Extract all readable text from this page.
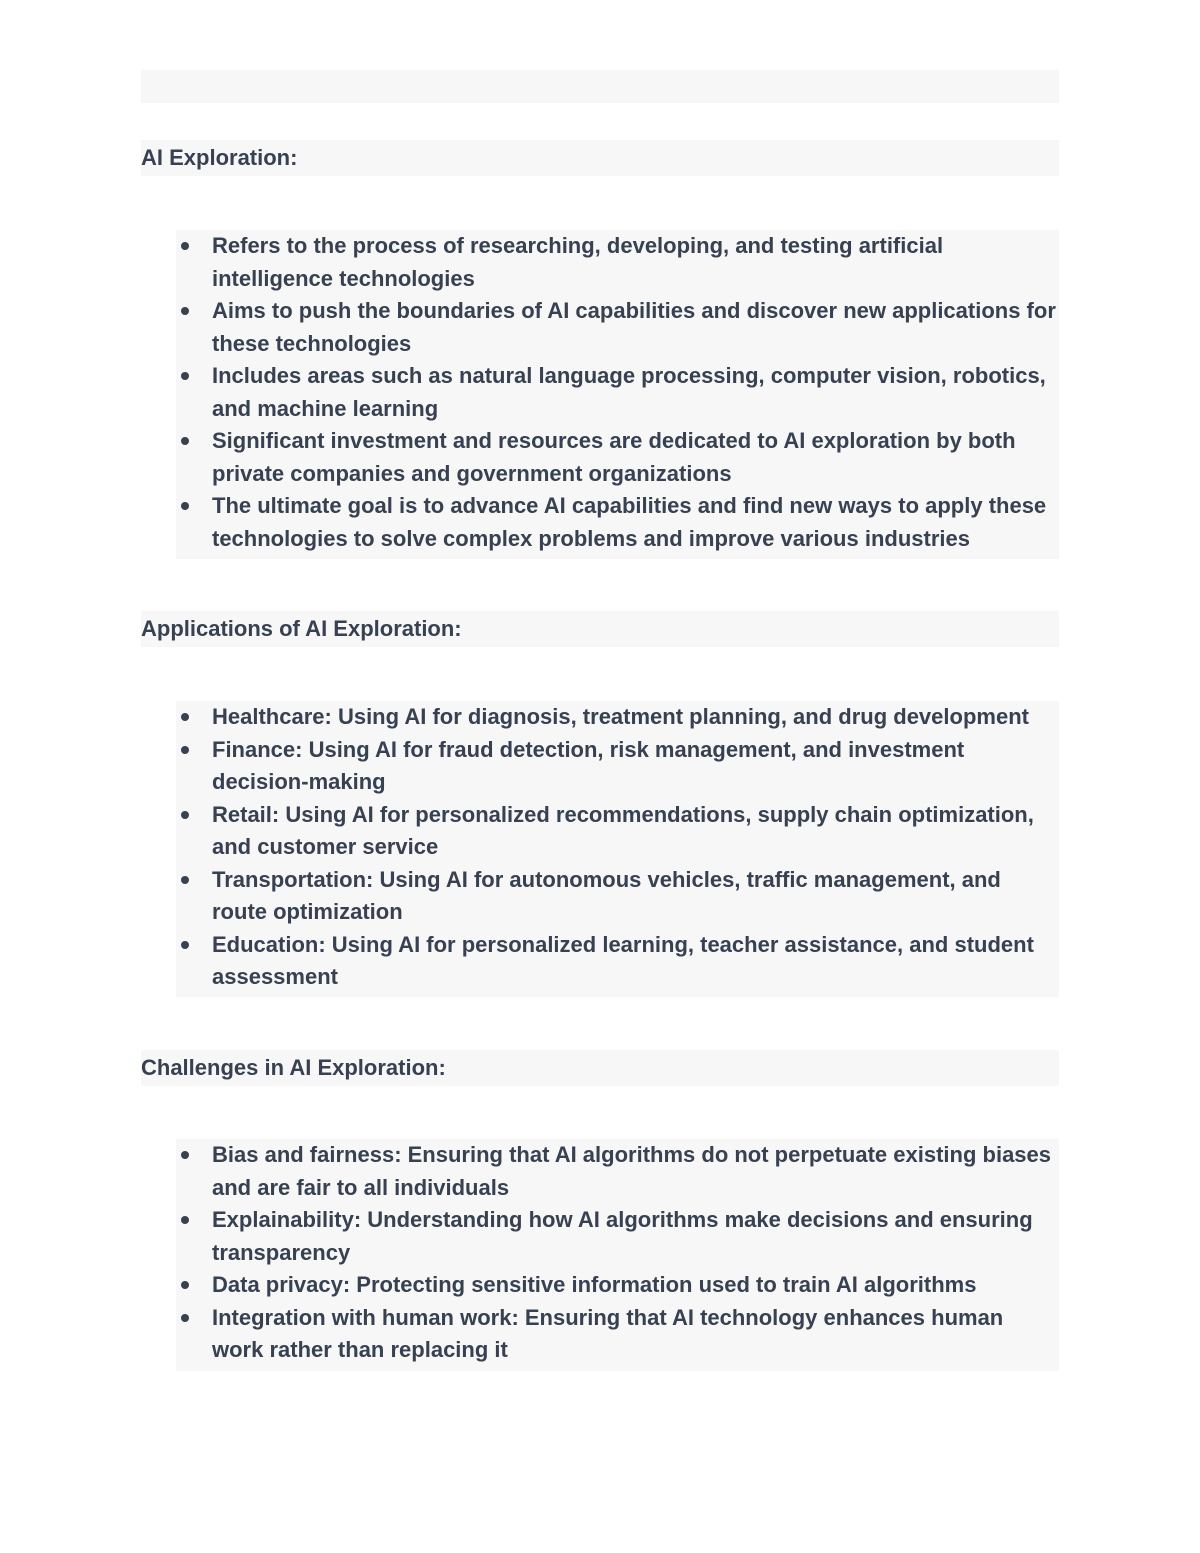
AI Exploration:
Refers to the process of researching, developing, and testing artificial intelligence technologies
Aims to push the boundaries of AI capabilities and discover new applications for these technologies
Includes areas such as natural language processing, computer vision, robotics, and machine learning
Significant investment and resources are dedicated to AI exploration by both private companies and government organizations
The ultimate goal is to advance AI capabilities and find new ways to apply these technologies to solve complex problems and improve various industries
Applications of AI Exploration:
Healthcare: Using AI for diagnosis, treatment planning, and drug development
Finance: Using AI for fraud detection, risk management, and investment decision-making
Retail: Using AI for personalized recommendations, supply chain optimization, and customer service
Transportation: Using AI for autonomous vehicles, traffic management, and route optimization
Education: Using AI for personalized learning, teacher assistance, and student assessment
Challenges in AI Exploration:
Bias and fairness: Ensuring that AI algorithms do not perpetuate existing biases and are fair to all individuals
Explainability: Understanding how AI algorithms make decisions and ensuring transparency
Data privacy: Protecting sensitive information used to train AI algorithms
Integration with human work: Ensuring that AI technology enhances human work rather than replacing it
